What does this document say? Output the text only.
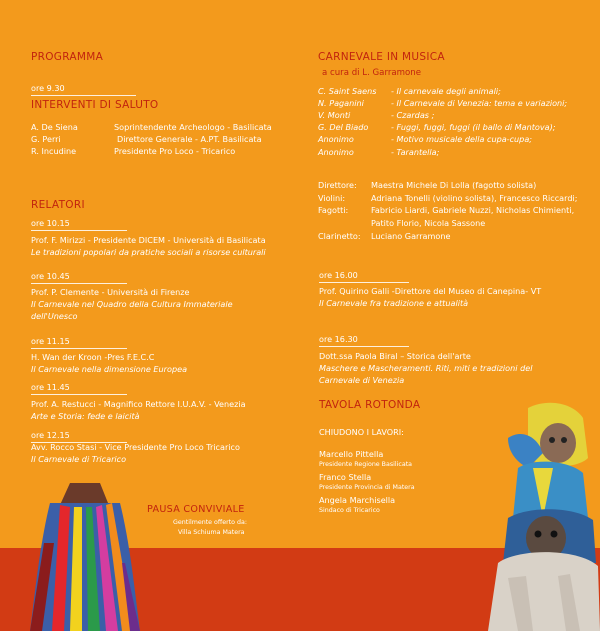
PROGRAMMA
ore 9.30
INTERVENTI DI SALUTO
A. De Siena	Soprintendente Archeologo - Basilicata
G. Perri	Direttore Generale - A.PT. Basilicata
R. Incudine	Presidente Pro Loco - Tricarico
RELATORI
ore 10.15
Prof. F. Mirizzi - Presidente DICEM - Università di Basilicata
Le tradizioni popolari da pratiche sociali a risorse culturali
ore 10.45
Prof. P. Clemente - Università di Firenze
Il Carnevale nel Quadro della Cultura Immateriale
dell'Unesco
ore 11.15
H. Wan der Kroon -Pres F.E.C.C
Il Carnevale nella dimensione Europea
ore 11.45
Prof. A. Restucci - Magnifico Rettore I.U.A.V. - Venezia
Arte e Storia: fede e laicità
ore 12.15
Avv. Rocco Stasi - Vice Presidente Pro Loco Tricarico
Il Carnevale di Tricarico
PAUSA CONVIVIALE
Gentilmente offerto da:
Villa Schiuma Matera
CARNEVALE IN MUSICA
a cura di L. Garramone
C. Saint Saens - Il carnevale degli animali;
N. Paganini	- Il Carnevale di Venezia: tema e variazioni;
V. Monti	- Czardas ;
G. Del Biado	- Fuggi, fuggi, fuggi (il ballo di Mantova);
Anonimo	- Motivo musicale della cupa-cupa;
Anonimo	- Tarantella;
Direttore: Maestra Michele Di Lolla (fagotto solista)
Violini:	Adriana Tonelli (violino solista), Francesco Riccardi;
Fagotti:	Fabricio Liardi, Gabriele Nuzzi, Nicholas Chimienti,
Patito Florio, Nicola Sassone
Clarinetto: Luciano Garramone
ore 16.00
Prof. Quirino Galli -Direttore del Museo di Canepina- VT
Il Carnevale fra tradizione e attualità
ore 16.30
Dott.ssa Paola Biral – Storica dell'arte
Maschere e Mascheramenti. Riti, miti e tradizioni del
Carnevale di Venezia
TAVOLA ROTONDA
CHIUDONO I LAVORI:
Marcello Pittella
Presidente Regione Basilicata
Franco Stella
Presidente Provincia di Matera
Angela Marchisella
Sindaco di Tricarico
